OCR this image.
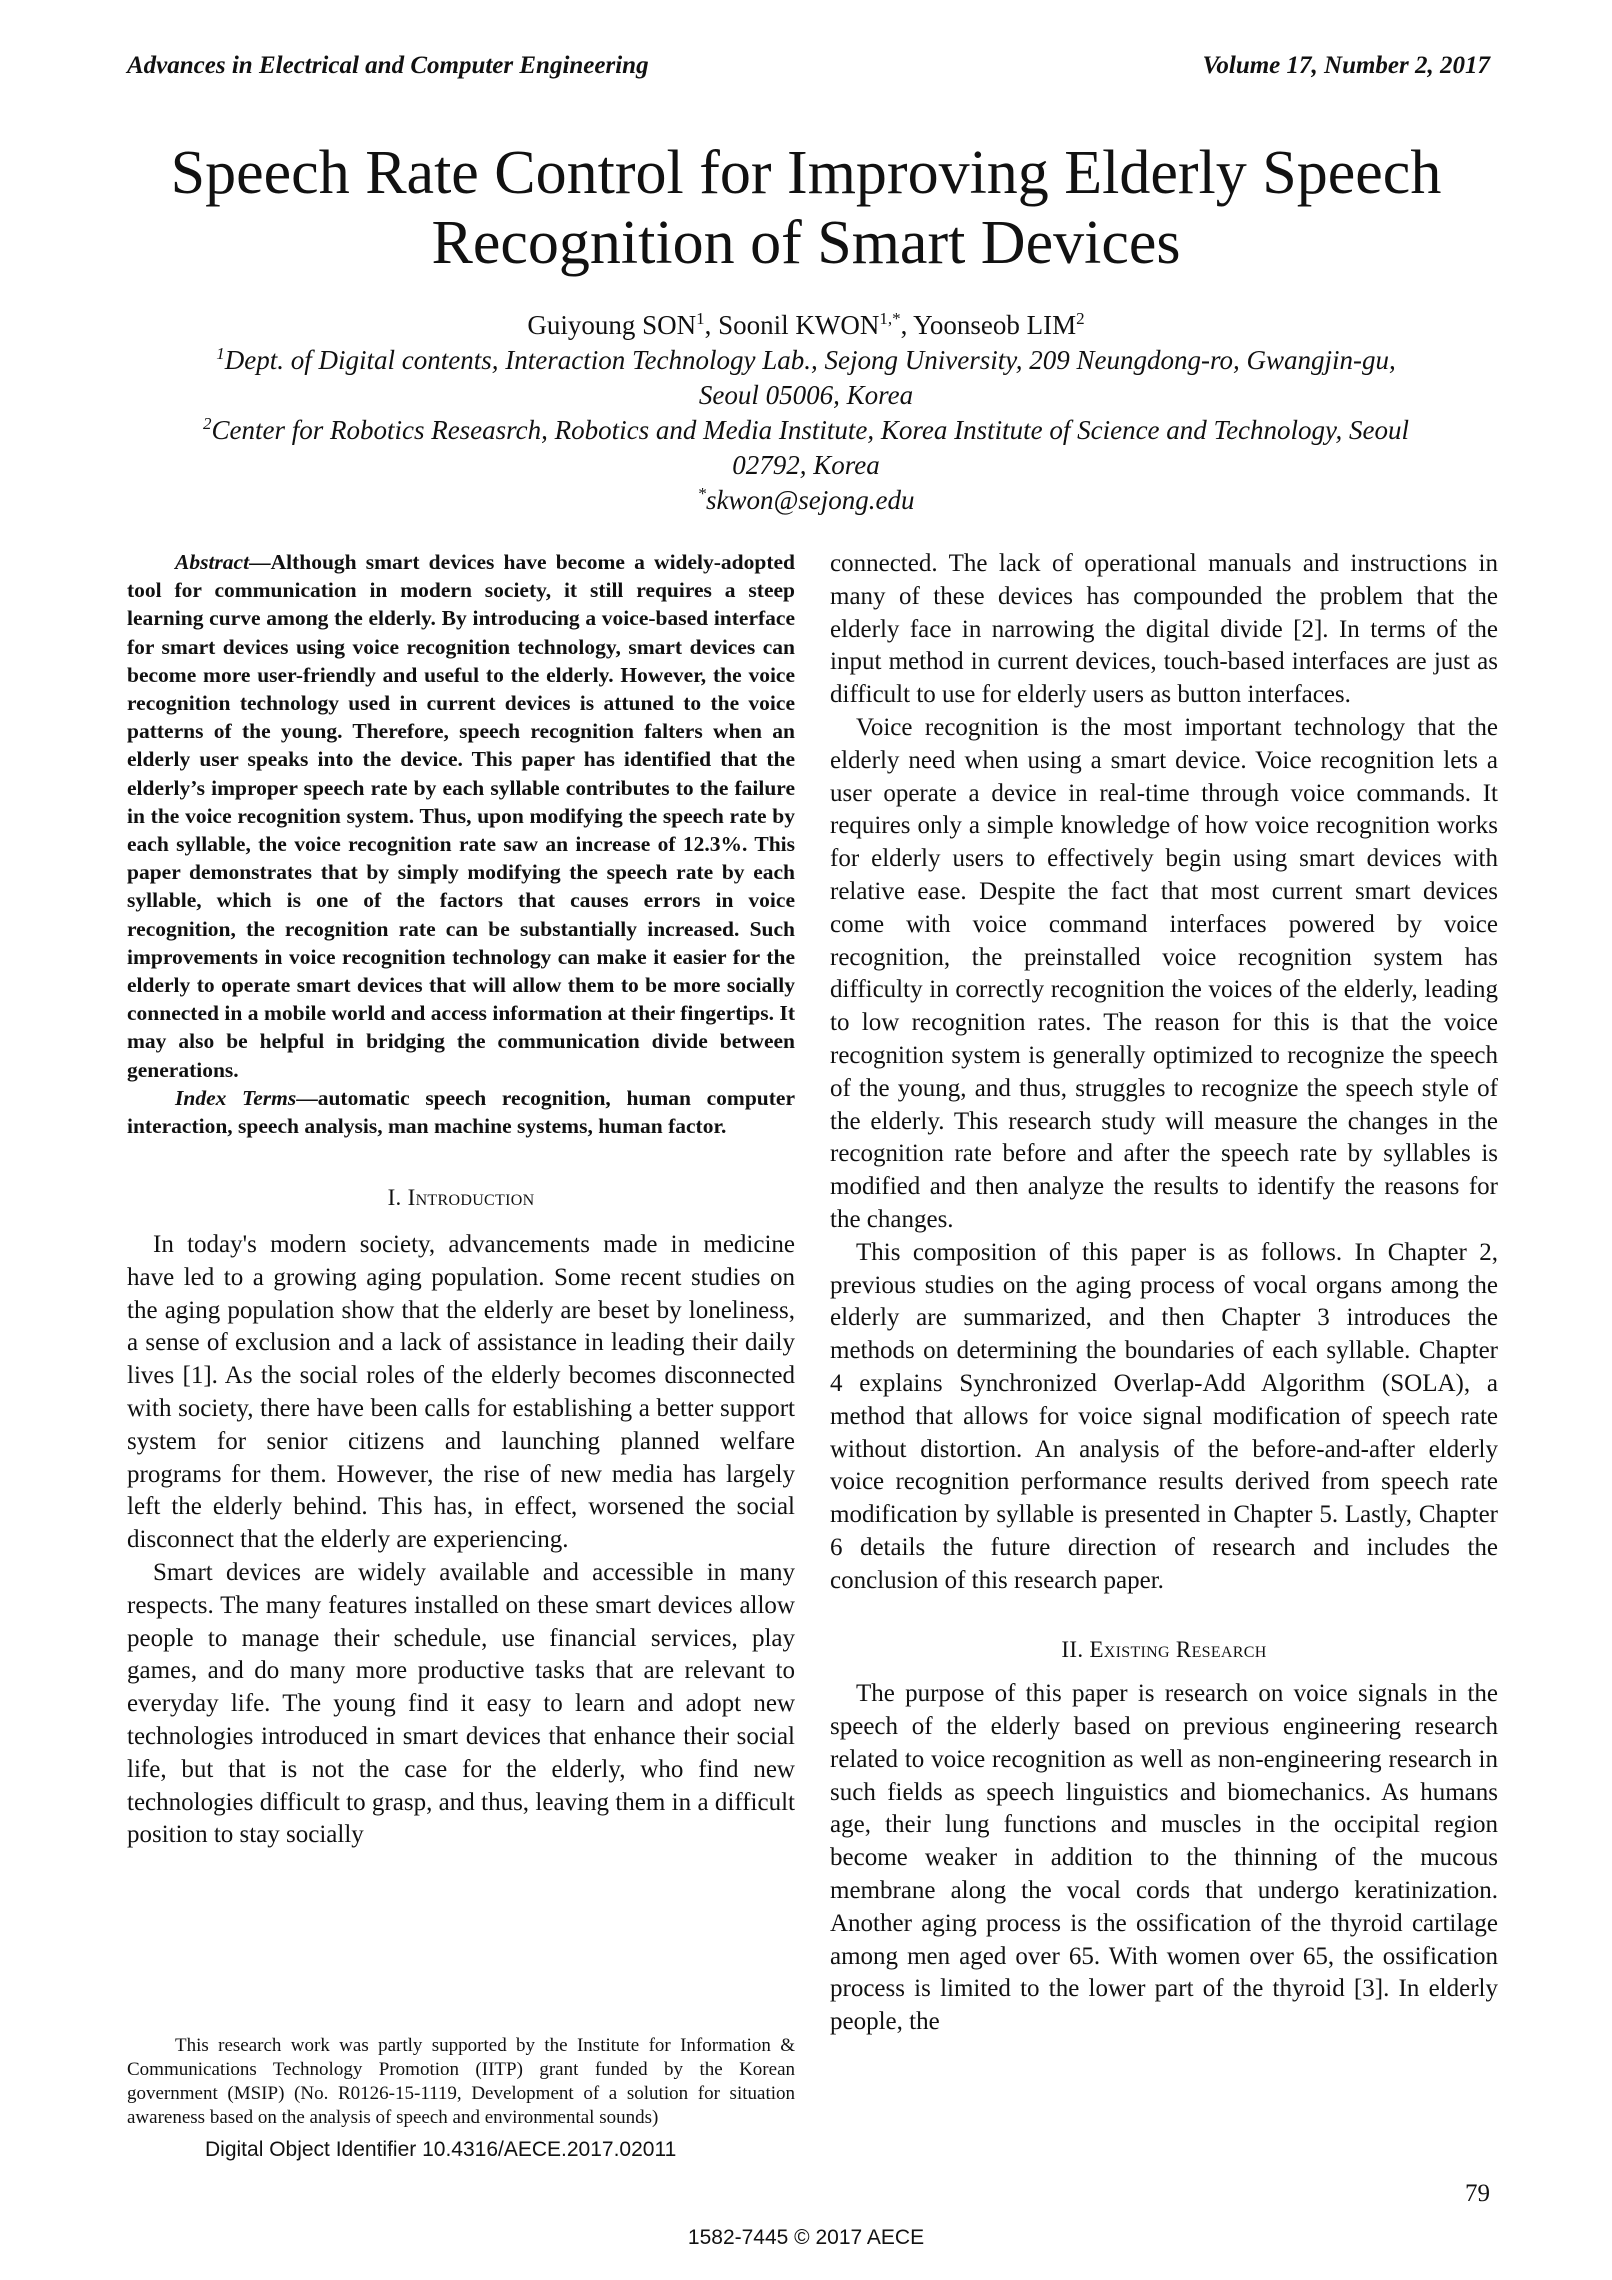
Advances in Electrical and Computer Engineering	Volume 17, Number 2, 2017
Speech Rate Control for Improving Elderly Speech Recognition of Smart Devices
Guiyoung SON$^1$, Soonil $KWON^{1,*}$, Yoonseob LIM$^2$
$^1$Dept. of Digital contents, Interaction Technology Lab., Sejong University, 209 Neungdong-ro, Gwangjin-gu, Seoul 05006, Korea
$^2$Center for Robotics Reseasrch, Robotics and Media Institute, Korea Institute of Science and Technology, Seoul 02792, Korea
*skwon@sejong.edu

Abstract—Although smart devices have become a widely-adopted tool for communication in modern society, it still requires a steep learning curve among the elderly. By introducing a voice-based interface for smart devices using voice recognition technology, smart devices can become more user-friendly and useful to the elderly. However, the voice recognition technology used in current devices is attuned to the voice patterns of the young. Therefore, speech recognition falters when an elderly user speaks into the device. This paper has identified that the elderly’s improper speech rate by each syllable contributes to the failure in the voice recognition system. Thus, upon modifying the speech rate by each syllable, the voice recognition rate saw an increase of 12.3%. This paper demonstrates that by simply modifying the speech rate by each syllable, which is one of the factors that causes errors in voice recognition, the recognition rate can be substantially increased. Such improvements in voice recognition technology can make it easier for the elderly to operate smart devices that will allow them to be more socially connected in a mobile world and access information at their fingertips. It may also be helpful in bridging the communication divide between generations.

Index Terms—automatic speech recognition, human computer interaction, speech analysis, man machine systems, human factor.

I. Introduction

In today's modern society, advancements made in medicine have led to a growing aging population. Some recent studies on the aging population show that the elderly are beset by loneliness, a sense of exclusion and a lack of assistance in leading their daily lives [1]. As the social roles of the elderly becomes disconnected with society, there have been calls for establishing a better support system for senior citizens and launching planned welfare programs for them. However, the rise of new media has largely left the elderly behind. This has, in effect, worsened the social disconnect that the elderly are experiencing.

Smart devices are widely available and accessible in many respects. The many features installed on these smart devices allow people to manage their schedule, use financial services, play games, and do many more productive tasks that are relevant to everyday life. The young find it easy to learn and adopt new technologies introduced in smart devices that enhance their social life, but that is not the case for the elderly, who find new technologies difficult to grasp, and thus, leaving them in a difficult position to stay socially

connected. The lack of operational manuals and instructions in many of these devices has compounded the problem that the elderly face in narrowing the digital divide [2]. In terms of the input method in current devices, touch-based interfaces are just as difficult to use for elderly users as button interfaces.

Voice recognition is the most important technology that the elderly need when using a smart device. Voice recognition lets a user operate a device in real-time through voice commands. It requires only a simple knowledge of how voice recognition works for elderly users to effectively begin using smart devices with relative ease. Despite the fact that most current smart devices come with voice command interfaces powered by voice recognition, the preinstalled voice recognition system has difficulty in correctly recognition the voices of the elderly, leading to low recognition rates. The reason for this is that the voice recognition system is generally optimized to recognize the speech of the young, and thus, struggles to recognize the speech style of the elderly. This research study will measure the changes in the recognition rate before and after the speech rate by syllables is modified and then analyze the results to identify the reasons for the changes.

This composition of this paper is as follows. In Chapter 2, previous studies on the aging process of vocal organs among the elderly are summarized, and then Chapter 3 introduces the methods on determining the boundaries of each syllable. Chapter 4 explains Synchronized Overlap-Add Algorithm (SOLA), a method that allows for voice signal modification of speech rate without distortion. An analysis of the before-and-after elderly voice recognition performance results derived from speech rate modification by syllable is presented in Chapter 5. Lastly, Chapter 6 details the future direction of research and includes the conclusion of this research paper.

II. Existing Research

The purpose of this paper is research on voice signals in the speech of the elderly based on previous engineering research related to voice recognition as well as non-engineering research in such fields as speech linguistics and biomechanics. As humans age, their lung functions and muscles in the occipital region become weaker in addition to the thinning of the mucous membrane along the vocal cords that undergo keratinization. Another aging process is the ossification of the thyroid cartilage among men aged over 65. With women over 65, the ossification process is limited to the lower part of the thyroid [3]. In elderly people, the

This research work was partly supported by the Institute for Information & Communications Technology Promotion (IITP) grant funded by the Korean government (MSIP) (No. R0126-15-1119, Development of a solution for situation awareness based on the analysis of speech and environmental sounds)
Digital Object Identifier 10.4316/AECE.2017.02011
79
1582-7445 © 2017 AECE
